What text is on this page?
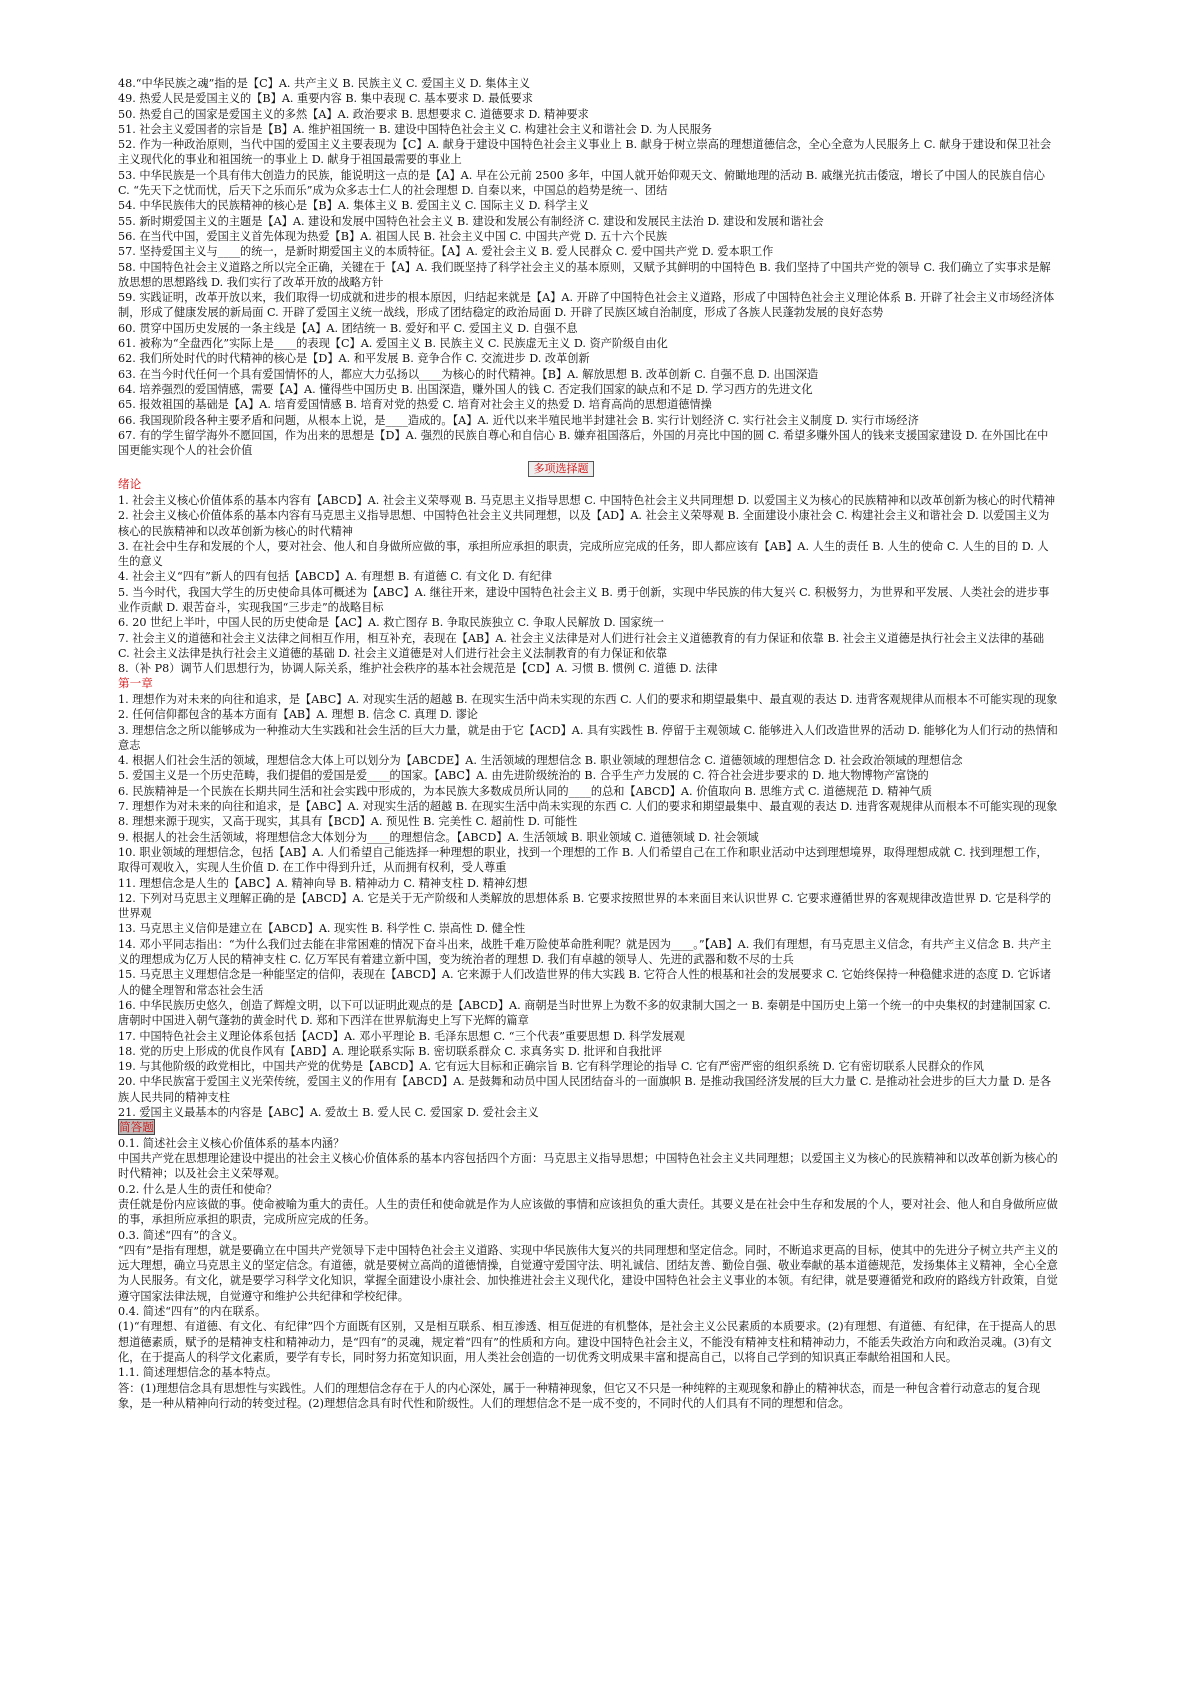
48.“中华民族之魂”指的是【C】A. 共产主义 B. 民族主义 C. 爱国主义 D. 集体主义
49. 热爱人民是爱国主义的【B】A. 重要内容 B. 集中表现 C. 基本要求 D. 最低要求
50. 热爱自己的国家是爱国主义的多然【A】A. 政治要求 B. 思想要求 C. 道德要求 D. 精神要求
51. 社会主义爱国者的宗旨是【B】A. 维护祖国统一 B. 建设中国特色社会主义 C. 构建社会主义和谐社会 D. 为人民服务
52. 作为一种政治原则，当代中国的爱国主义主要表现为【C】A. 献身于建设中国特色社会主义事业上 B. 献身于树立崇高的理想道德信念，全心全意为人民服务上 C. 献身于建设和保卫社会主义现代化的事业和祖国统一的事业上 D. 献身于祖国最需要的事业上
53. 中华民族是一个具有伟大创造力的民族，能说明这一点的是【A】A. 早在公元前 2500 多年，中国人就开始仰观天文、俯瞰地理的活动 B. 戚继光抗击倭寇，增长了中国人的民族自信心 C. “先天下之忧而忧，后天下之乐而乐”成为众多志士仁人的社会理想 D. 自秦以来，中国总的趋势是统一、团结
54. 中华民族伟大的民族精神的核心是【B】A. 集体主义 B. 爱国主义 C. 国际主义 D. 科学主义
55. 新时期爱国主义的主题是【A】A. 建设和发展中国特色社会主义 B. 建设和发展公有制经济 C. 建设和发展民主法治 D. 建设和发展和谐社会
56. 在当代中国，爱国主义首先体现为热爱【B】A. 祖国人民 B. 社会主义中国 C. 中国共产党 D. 五十六个民族
57. 坚持爱国主义与____的统一，是新时期爱国主义的本质特征。【A】A. 爱社会主义 B. 爱人民群众 C. 爱中国共产党 D. 爱本职工作
58. 中国特色社会主义道路之所以完全正确，关键在于【A】A. 我们既坚持了科学社会主义的基本原则，又赋予其鲜明的中国特色 B. 我们坚持了中国共产党的领导 C. 我们确立了实事求是解放思想的思想路线 D. 我们实行了改革开放的战略方针
59. 实践证明，改革开放以来，我们取得一切成就和进步的根本原因，归结起来就是【A】A. 开辟了中国特色社会主义道路，形成了中国特色社会主义理论体系 B. 开辟了社会主义市场经济体制，形成了健康发展的新局面 C. 开辟了爱国主义统一战线，形成了团结稳定的政治局面 D. 开辟了民族区域自治制度，形成了各族人民蓬勃发展的良好态势
60. 贯穿中国历史发展的一条主线是【A】A. 团结统一 B. 爱好和平 C. 爱国主义 D. 自强不息
61. 被称为“全盘西化”实际上是____的表现【C】A. 爱国主义 B. 民族主义 C. 民族虚无主义 D. 资产阶级自由化
62. 我们所处时代的时代精神的核心是【D】A. 和平发展 B. 竞争合作 C. 交流进步 D. 改革创新
63. 在当今时代任何一个具有爱国情怀的人，都应大力弘扬以____为核心的时代精神。【B】A. 解放思想 B. 改革创新 C. 自强不息 D. 出国深造
64. 培养强烈的爱国情感，需要【A】A. 懂得些中国历史 B. 出国深造，赚外国人的钱 C. 否定我们国家的缺点和不足 D. 学习西方的先进文化
65. 报效祖国的基础是【A】A. 培育爱国情感 B. 培育对党的热爱 C. 培育对社会主义的热爱 D. 培育高尚的思想道德情操
66. 我国现阶段各种主要矛盾和问题，从根本上说，是____造成的。【A】A. 近代以来半殖民地半封建社会 B. 实行计划经济 C. 实行社会主义制度 D. 实行市场经济
67. 有的学生留学海外不愿回国，作为出来的思想是【D】A. 强烈的民族自尊心和自信心 B. 嫌弃祖国落后，外国的月亮比中国的圆 C. 希望多赚外国人的钱来支援国家建设 D. 在外国比在中国更能实现个人的社会价值
多项选择题
绪论
1. 社会主义核心价值体系的基本内容有【ABCD】A. 社会主义荣辱观 B. 马克思主义指导思想 C. 中国特色社会主义共同理想 D. 以爱国主义为核心的民族精神和以改革创新为核心的时代精神
2. 社会主义核心价值体系的基本内容有马克思主义指导思想、中国特色社会主义共同理想，以及【AD】A. 社会主义荣辱观 B. 全面建设小康社会 C. 构建社会主义和谐社会 D. 以爱国主义为核心的民族精神和以改革创新为核心的时代精神
3. 在社会中生存和发展的个人，要对社会、他人和自身做所应做的事，承担所应承担的职责，完成所应完成的任务，即人都应该有【AB】A. 人生的责任 B. 人生的使命 C. 人生的目的 D. 人生的意义
4. 社会主义“四有”新人的四有包括【ABCD】A. 有理想 B. 有道德 C. 有文化 D. 有纪律
5. 当今时代，我国大学生的历史使命具体可概述为【ABC】A. 继往开来，建设中国特色社会主义 B. 勇于创新，实现中华民族的伟大复兴 C. 积极努力，为世界和平发展、人类社会的进步事业作贡献 D. 艰苦奋斗，实现我国“三步走”的战略目标
6. 20 世纪上半叶，中国人民的历史使命是【AC】A. 救亡图存 B. 争取民族独立 C. 争取人民解放 D. 国家统一
7. 社会主义的道德和社会主义法律之间相互作用，相互补充，表现在【AB】A. 社会主义法律是对人们进行社会主义道德教育的有力保证和依靠 B. 社会主义道德是执行社会主义法律的基础 C. 社会主义法律是执行社会主义道德的基础 D. 社会主义道德是对人们进行社会主义法制教育的有力保证和依靠
8.（补 P8）调节人们思想行为，协调人际关系，维护社会秩序的基本社会规范是【CD】A. 习惯 B. 惯例 C. 道德 D. 法律
第一章
1. 理想作为对未来的向往和追求，是【ABC】A. 对现实生活的超越 B. 在现实生活中尚未实现的东西 C. 人们的要求和期望最集中、最直观的表达 D. 违背客观规律从而根本不可能实现的现象
2. 任何信仰都包含的基本方面有【AB】A. 理想 B. 信念 C. 真理 D. 谬论
3. 理想信念之所以能够成为一种推动大生实践和社会生活的巨大力量，就是由于它【ACD】A. 具有实践性 B. 停留于主观领域 C. 能够进入人们改造世界的活动 D. 能够化为人们行动的热情和意志
4. 根据人们社会生活的领域，理想信念大体上可以划分为【ABCDE】A. 生活领域的理想信念 B. 职业领域的理想信念 C. 道德领域的理想信念 D. 社会政治领域的理想信念
5. 爱国主义是一个历史范畴，我们提倡的爱国是爱____的国家。【ABC】A. 由先进阶级统治的 B. 合乎生产力发展的 C. 符合社会进步要求的 D. 地大物博物产富饶的
6. 民族精神是一个民族在长期共同生活和社会实践中形成的，为本民族大多数成员所认同的____的总和【ABCD】A. 价值取向 B. 思维方式 C. 道德规范 D. 精神气质
7. 理想作为对未来的向往和追求，是【ABC】A. 对现实生活的超越 B. 在现实生活中尚未实现的东西 C. 人们的要求和期望最集中、最直观的表达 D. 违背客观规律从而根本不可能实现的现象
8. 理想来源于现实，又高于现实，其具有【BCD】A. 预见性 B. 完美性 C. 超前性 D. 可能性
9. 根据人的社会生活领域，将理想信念大体划分为____的理想信念。【ABCD】A. 生活领域 B. 职业领域 C. 道德领域 D. 社会领域
10. 职业领域的理想信念，包括【AB】A. 人们希望自己能选择一种理想的职业，找到一个理想的工作 B. 人们希望自己在工作和职业活动中达到理想境界，取得理想成就 C. 找到理想工作，取得可观收入，实现人生价值 D. 在工作中得到升迁，从而拥有权利，受人尊重
11. 理想信念是人生的【ABC】A. 精神向导 B. 精神动力 C. 精神支柱 D. 精神幻想
12. 下列对马克思主义理解正确的是【ABCD】A. 它是关于无产阶级和人类解放的思想体系 B. 它要求按照世界的本来面目来认识世界 C. 它要求遵循世界的客观规律改造世界 D. 它是科学的世界观
13. 马克思主义信仰是建立在【ABCD】A. 现实性 B. 科学性 C. 崇高性 D. 健全性
14. 邓小平同志指出：“为什么我们过去能在非常困难的情况下奋斗出来，战胜千难万险使革命胜利呢？就是因为____。”【AB】A. 我们有理想，有马克思主义信念，有共产主义信念 B. 共产主义的理想成为亿万人民的精神支柱 C. 亿万军民有着建立新中国，变为统治者的理想 D. 我们有卓越的领导人、先进的武器和数不尽的士兵
15. 马克思主义理想信念是一种能坚定的信仰，表现在【ABCD】A. 它来源于人们改造世界的伟大实践 B. 它符合人性的根基和社会的发展要求 C. 它始终保持一种稳健求进的态度 D. 它诉诸人的健全理智和常态社会生活
16. 中华民族历史悠久，创造了辉煌文明，以下可以证明此观点的是【ABCD】A. 商朝是当时世界上为数不多的奴隶制大国之一 B. 秦朝是中国历史上第一个统一的中央集权的封建制国家 C. 唐朝时中国进入朝气蓬勃的黄金时代 D. 郑和下西洋在世界航海史上写下光辉的篇章
17. 中国特色社会主义理论体系包括【ACD】A. 邓小平理论 B. 毛泽东思想 C. “三个代表”重要思想 D. 科学发展观
18. 党的历史上形成的优良作风有【ABD】A. 理论联系实际 B. 密切联系群众 C. 求真务实 D. 批评和自我批评
19. 与其他阶级的政党相比，中国共产党的优势是【ABCD】A. 它有远大目标和正确宗旨 B. 它有科学理论的指导 C. 它有严密严密的组织系统 D. 它有密切联系人民群众的作风
20. 中华民族富于爱国主义光荣传统，爱国主义的作用有【ABCD】A. 是鼓舞和动员中国人民团结奋斗的一面旗帜 B. 是推动我国经济发展的巨大力量 C. 是推动社会进步的巨大力量 D. 是各族人民共同的精神支柱
21. 爱国主义最基本的内容是【ABC】A. 爱故土 B. 爱人民 C. 爱国家 D. 爱社会主义
简答题
0.1. 简述社会主义核心价值体系的基本内涵？
中国共产党在思想理论建设中提出的社会主义核心价值体系的基本内容包括四个方面：马克思主义指导思想；中国特色社会主义共同理想；以爱国主义为核心的民族精神和以改革创新为核心的时代精神；以及社会主义荣辱观。
0.2. 什么是人生的责任和使命？
责任就是份内应该做的事。使命被喻为重大的责任。人生的责任和使命就是作为人应该做的事情和应该担负的重大责任。其要义是在社会中生存和发展的个人，要对社会、他人和自身做所应做的事，承担所应承担的职责，完成所应完成的任务。
0.3. 简述“四有”的含义。
“四有”是指有理想，就是要确立在中国共产党领导下走中国特色社会主义道路、实现中华民族伟大复兴的共同理想和坚定信念。同时，不断追求更高的目标，使其中的先进分子树立共产主义的远大理想，确立马克思主义的坚定信念。有道德，就是要树立高尚的道德情操，自觉遵守爱国守法、明礼诚信、团结友善、勤俭自强、敬业奉献的基本道德规范，发扬集体主义精神，全心全意为人民服务。有文化，就是要学习科学文化知识，掌握全面建设小康社会、加快推进社会主义现代化，建设中国特色社会主义事业的本领。有纪律，就是要遵循党和政府的路线方针政策，自觉遵守国家法律法规，自觉遵守和维护公共纪律和学校纪律。
0.4. 简述“四有”的内在联系。
(1)“有理想、有道德、有文化、有纪律”四个方面既有区别，又是相互联系、相互渗透、相互促进的有机整体，是社会主义公民素质的本质要求。(2)有理想、有道德、有纪律，在于提高人的思想道德素质，赋予的是精神支柱和精神动力，是“四有”的灵魂，规定着“四有”的性质和方向。建设中国特色社会主义，不能没有精神支柱和精神动力，不能丢失政治方向和政治灵魂。(3)有文化，在于提高人的科学文化素质，要学有专长，同时努力拓宽知识面，用人类社会创造的一切优秀文明成果丰富和提高自己，以将自己学到的知识真正奉献给祖国和人民。
1.1. 简述理想信念的基本特点。
答：(1)理想信念具有思想性与实践性。人们的理想信念存在于人的内心深处，属于一种精神现象，但它又不只是一种纯粹的主观现象和静止的精神状态，而是一种包含着行动意志的复合现象，是一种从精神向行动的转变过程。(2)理想信念具有时代性和阶级性。人们的理想信念不是一成不变的，不同时代的人们具有不同的理想和信念。
